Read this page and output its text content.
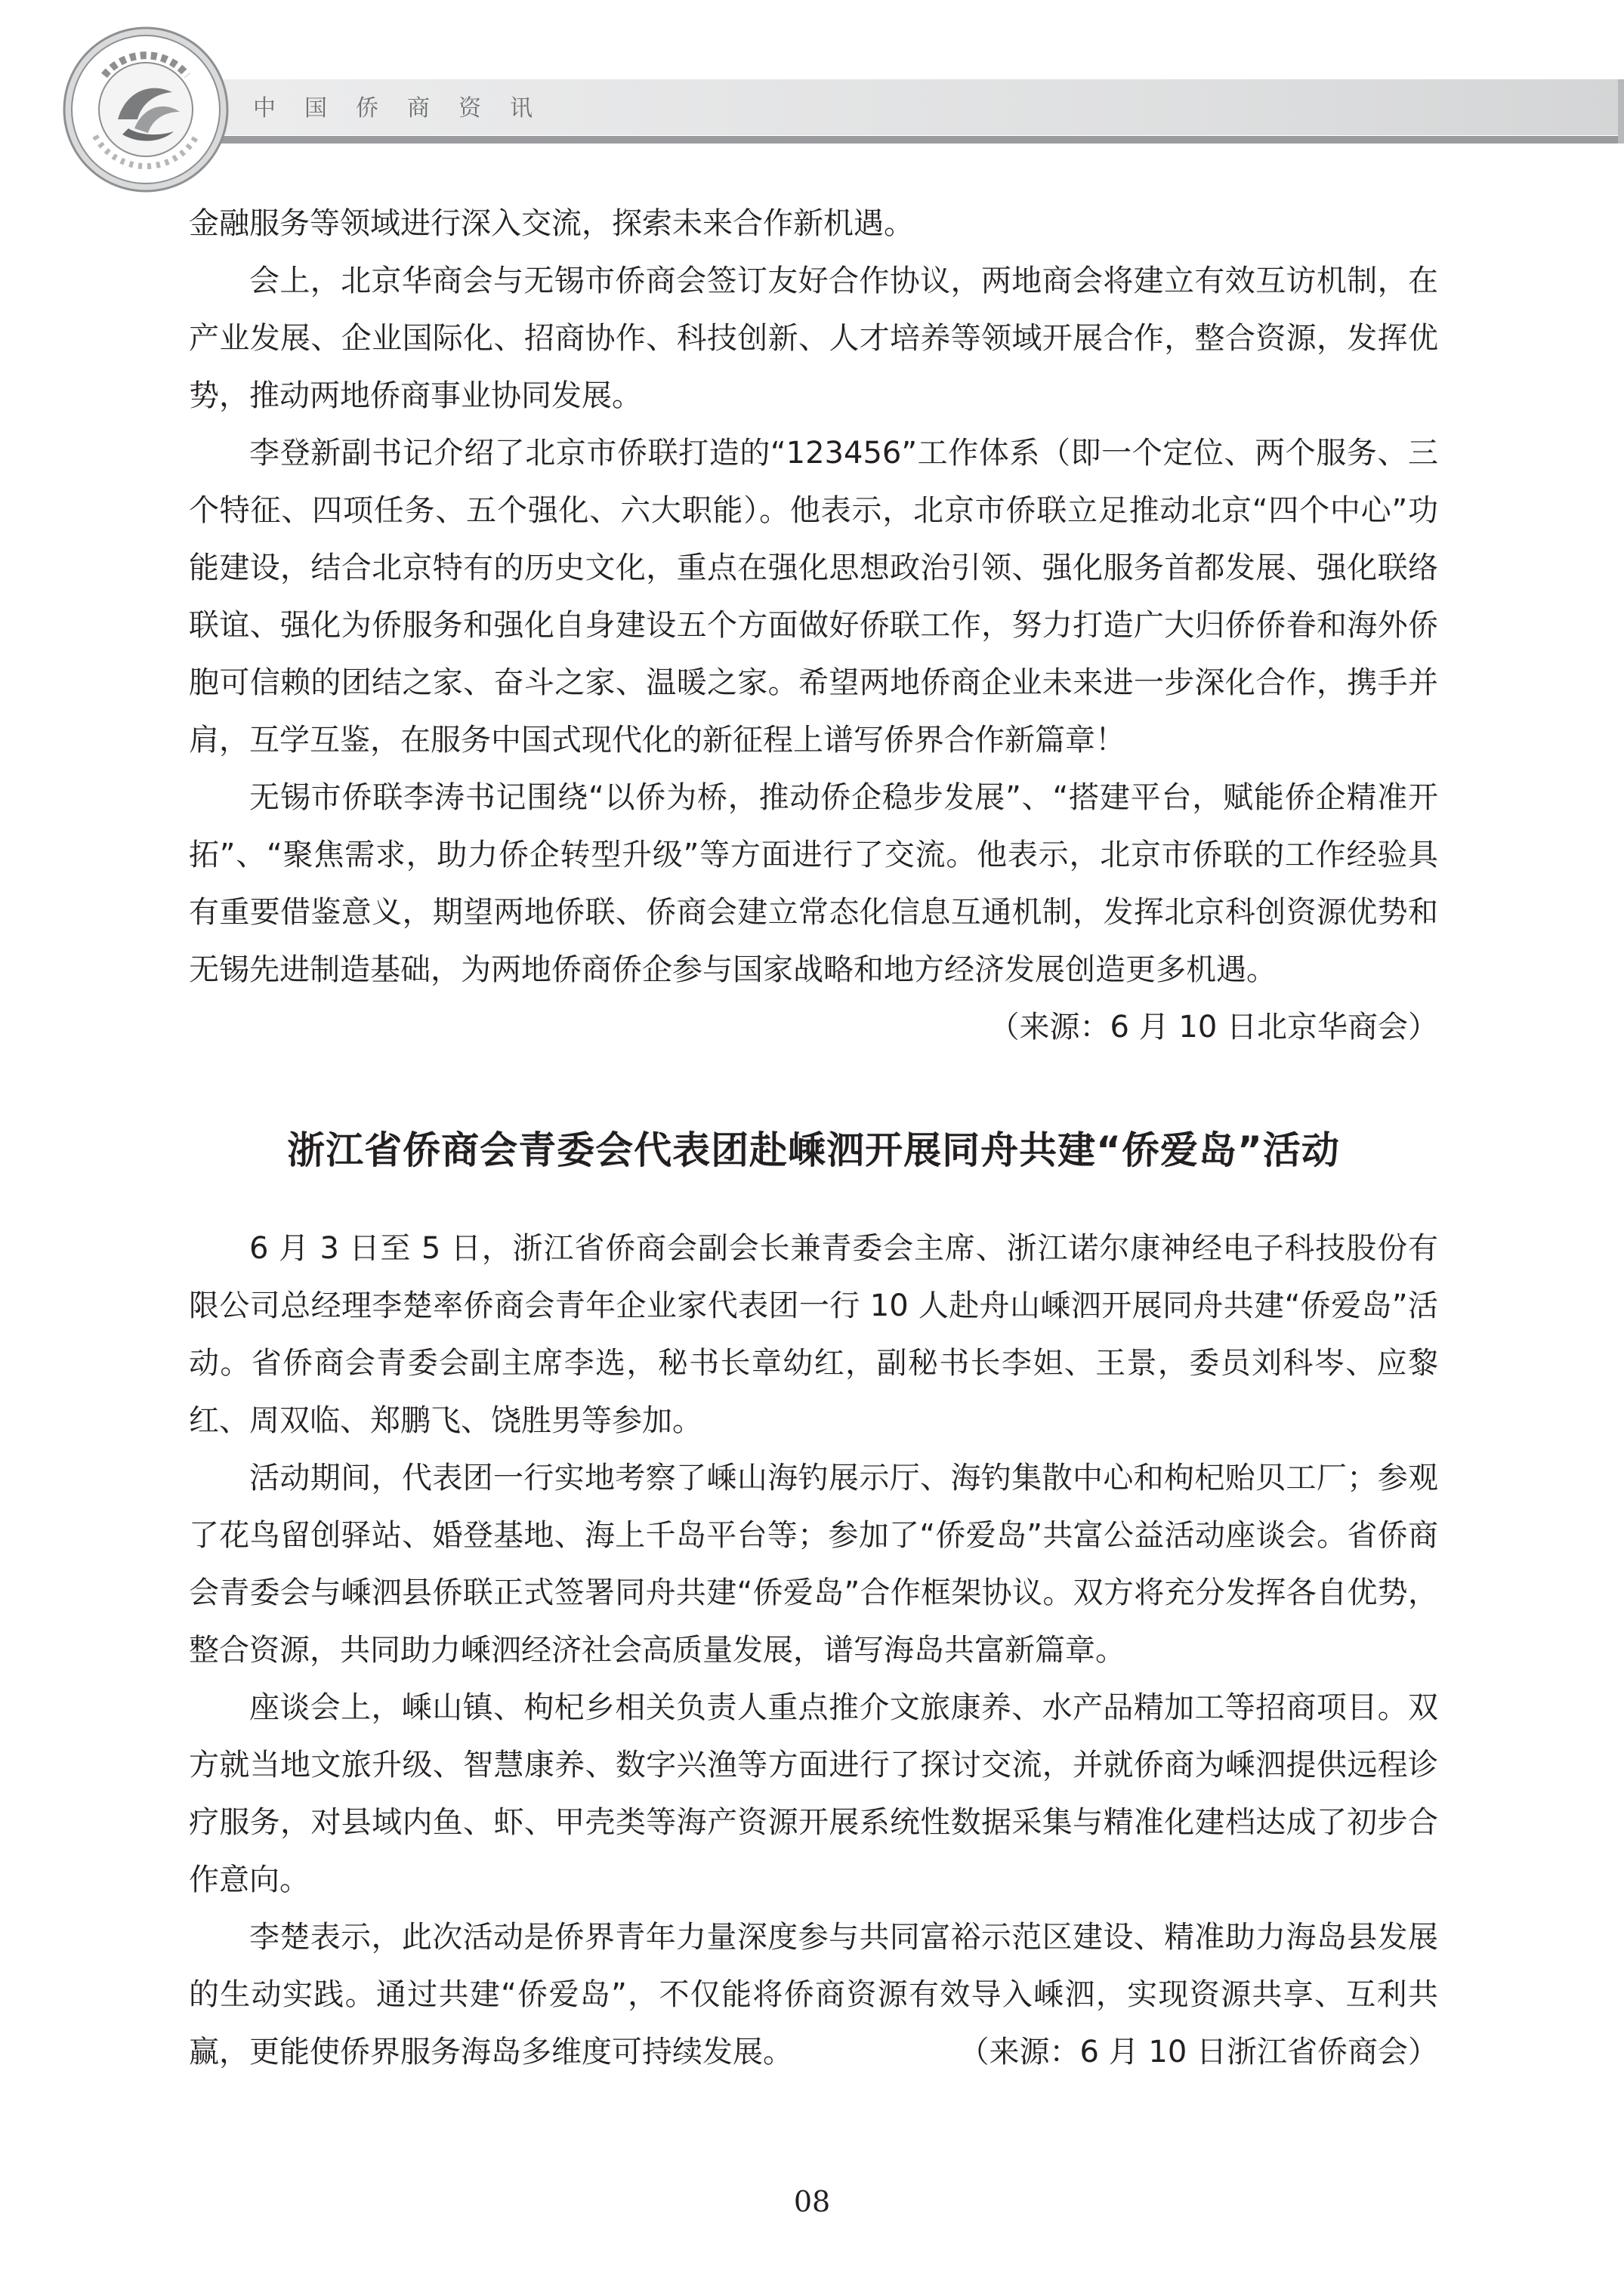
中国侨商资讯

金融服务等领域进行深入交流，探索未来合作新机遇。

会上，北京华商会与无锡市侨商会签订友好合作协议，两地商会将建立有效互访机制，在产业发展、企业国际化、招商协作、科技创新、人才培养等领域开展合作，整合资源，发挥优势，推动两地侨商事业协同发展。

李登新副书记介绍了北京市侨联打造的“123456”工作体系（即一个定位、两个服务、三个特征、四项任务、五个强化、六大职能）。他表示，北京市侨联立足推动北京“四个中心”功能建设，结合北京特有的历史文化，重点在强化思想政治引领、强化服务首都发展、强化联络联谊、强化为侨服务和强化自身建设五个方面做好侨联工作，努力打造广大归侨侨眷和海外侨胞可信赖的团结之家、奋斗之家、温暖之家。希望两地侨商企业未来进一步深化合作，携手并肩，互学互鉴，在服务中国式现代化的新征程上谱写侨界合作新篇章！

无锡市侨联李涛书记围绕“以侨为桥，推动侨企稳步发展”、“搭建平台，赋能侨企精准开拓”、“聚焦需求，助力侨企转型升级”等方面进行了交流。他表示，北京市侨联的工作经验具有重要借鉴意义，期望两地侨联、侨商会建立常态化信息互通机制，发挥北京科创资源优势和无锡先进制造基础，为两地侨商侨企参与国家战略和地方经济发展创造更多机遇。

（来源：6 月 10 日北京华商会）

浙江省侨商会青委会代表团赴嵊泗开展同舟共建“侨爱岛”活动

6 月 3 日至 5 日，浙江省侨商会副会长兼青委会主席、浙江诺尔康神经电子科技股份有限公司总经理李楚率侨商会青年企业家代表团一行 10 人赴舟山嵊泗开展同舟共建“侨爱岛”活动。省侨商会青委会副主席李选，秘书长章幼红，副秘书长李妲、王景，委员刘科岑、应黎红、周双临、郑鹏飞、饶胜男等参加。

活动期间，代表团一行实地考察了嵊山海钓展示厅、海钓集散中心和枸杞贻贝工厂；参观了花鸟留创驿站、婚登基地、海上千岛平台等；参加了“侨爱岛”共富公益活动座谈会。省侨商会青委会与嵊泗县侨联正式签署同舟共建“侨爱岛”合作框架协议。双方将充分发挥各自优势，整合资源，共同助力嵊泗经济社会高质量发展，谱写海岛共富新篇章。

座谈会上，嵊山镇、枸杞乡相关负责人重点推介文旅康养、水产品精加工等招商项目。双方就当地文旅升级、智慧康养、数字兴渔等方面进行了探讨交流，并就侨商为嵊泗提供远程诊疗服务，对县域内鱼、虾、甲壳类等海产资源开展系统性数据采集与精准化建档达成了初步合作意向。

李楚表示，此次活动是侨界青年力量深度参与共同富裕示范区建设、精准助力海岛县发展的生动实践。通过共建“侨爱岛”，不仅能将侨商资源有效导入嵊泗，实现资源共享、互利共赢，更能使侨界服务海岛多维度可持续发展。	（来源：6 月 10 日浙江省侨商会）

08
